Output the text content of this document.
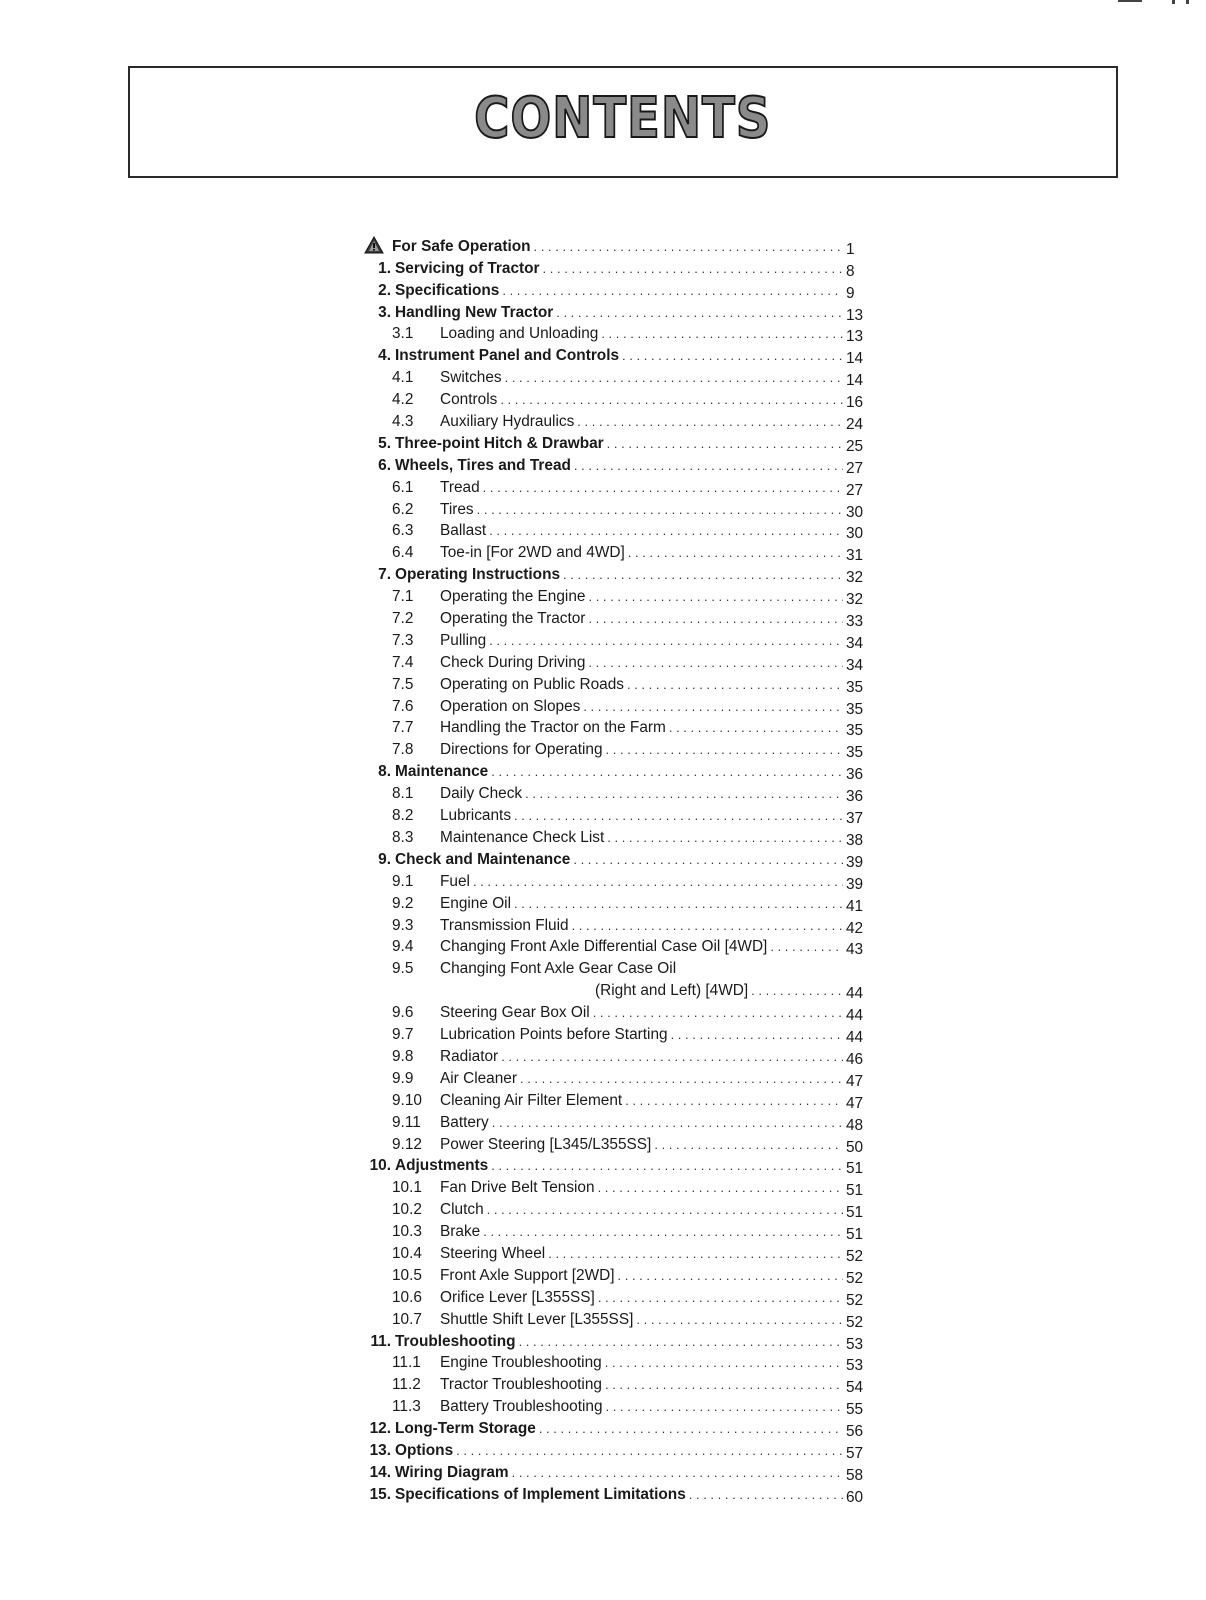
CONTENTS
For Safe Operation . . .	1
1. Servicing of Tractor . . .	8
2. Specifications . . .	9
3. Handling New Tractor . . .	13
3.1	Loading and Unloading . . .	13
4. Instrument Panel and Controls . . .	14
4.1	Switches . . .	14
4.2	Controls . . .	16
4.3	Auxiliary Hydraulics . . .	24
5. Three-point Hitch & Drawbar . . .	25
6. Wheels, Tires and Tread . . .	27
6.1	Tread . . .	27
6.2	Tires . . .	30
6.3	Ballast . . .	30
6.4	Toe-in [For 2WD and 4WD] . . .	31
7. Operating Instructions . . .	32
7.1	Operating the Engine . . .	32
7.2	Operating the Tractor . . .	33
7.3	Pulling . . .	34
7.4	Check During Driving . . .	34
7.5	Operating on Public Roads . . .	35
7.6	Operation on Slopes . . .	35
7.7	Handling the Tractor on the Farm . . .	35
7.8	Directions for Operating . . .	35
8. Maintenance . . .	36
8.1	Daily Check . . .	36
8.2	Lubricants . . .	37
8.3	Maintenance Check List . . .	38
9. Check and Maintenance . . .	39
9.1	Fuel . . .	39
9.2	Engine Oil . . .	41
9.3	Transmission Fluid . . .	42
9.4	Changing Front Axle Differential Case Oil [4WD] . . .	43
9.5	Changing Font Axle Gear Case Oil
(Right and Left) [4WD] . . .	44
9.6	Steering Gear Box Oil . . .	44
9.7	Lubrication Points before Starting . . .	44
9.8	Radiator . . .	46
9.9	Air Cleaner . . .	47
9.10	Cleaning Air Filter Element . . .	47
9.11	Battery . . .	48
9.12	Power Steering [L345/L355SS] . . .	50
10. Adjustments . . .	51
10.1	Fan Drive Belt Tension . . .	51
10.2	Clutch . . .	51
10.3	Brake . . .	51
10.4	Steering Wheel . . .	52
10.5	Front Axle Support [2WD] . . .	52
10.6	Orifice Lever [L355SS] . . .	52
10.7	Shuttle Shift Lever [L355SS] . . .	52
11. Troubleshooting . . .	53
11.1	Engine Troubleshooting . . .	53
11.2	Tractor Troubleshooting . . .	54
11.3	Battery Troubleshooting . . .	55
12. Long-Term Storage . . .	56
13. Options . . .	57
14. Wiring Diagram . . .	58
15. Specifications of Implement Limitations . . .	60
